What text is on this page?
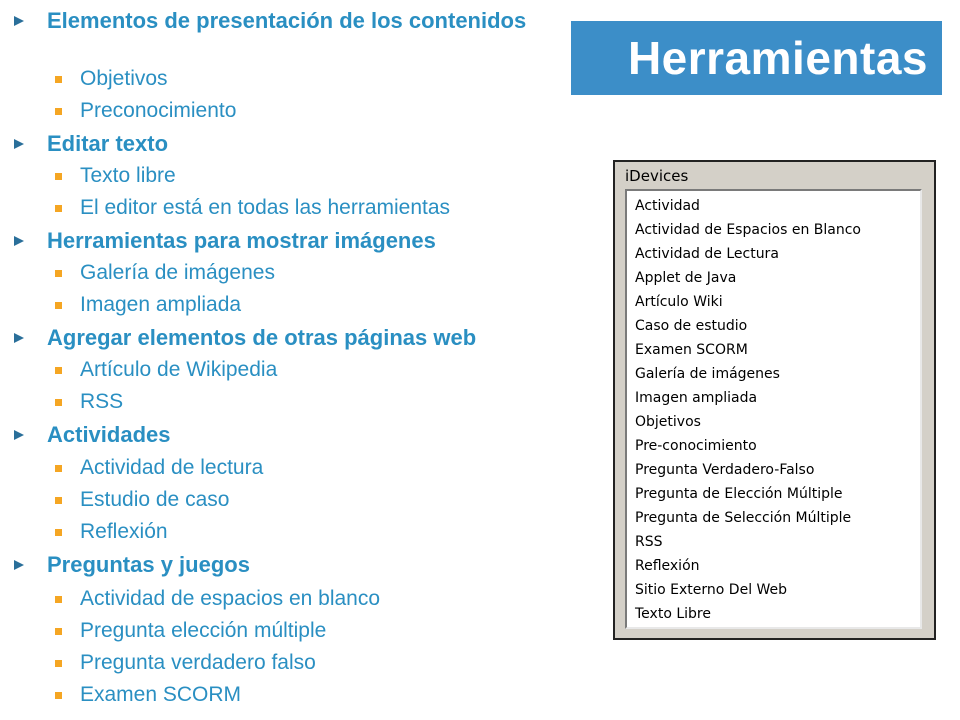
Elementos de presentación de los contenidos
Objetivos
Preconocimiento
Editar texto
Texto libre
El editor está en todas las herramientas
Herramientas para mostrar imágenes
Galería de imágenes
Imagen ampliada
Agregar elementos de otras páginas web
Artículo de Wikipedia
RSS
Actividades
Actividad de lectura
Estudio de caso
Reflexión
Preguntas y juegos
Actividad de espacios en blanco
Pregunta elección múltiple
Pregunta verdadero falso
Examen SCORM
Herramientas
iDevices
Actividad
Actividad de Espacios en Blanco
Actividad de Lectura
Applet de Java
Artículo Wiki
Caso de estudio
Examen SCORM
Galería de imágenes
Imagen ampliada
Objetivos
Pre-conocimiento
Pregunta Verdadero-Falso
Pregunta de Elección Múltiple
Pregunta de Selección Múltiple
RSS
Reflexión
Sitio Externo Del Web
Texto Libre
